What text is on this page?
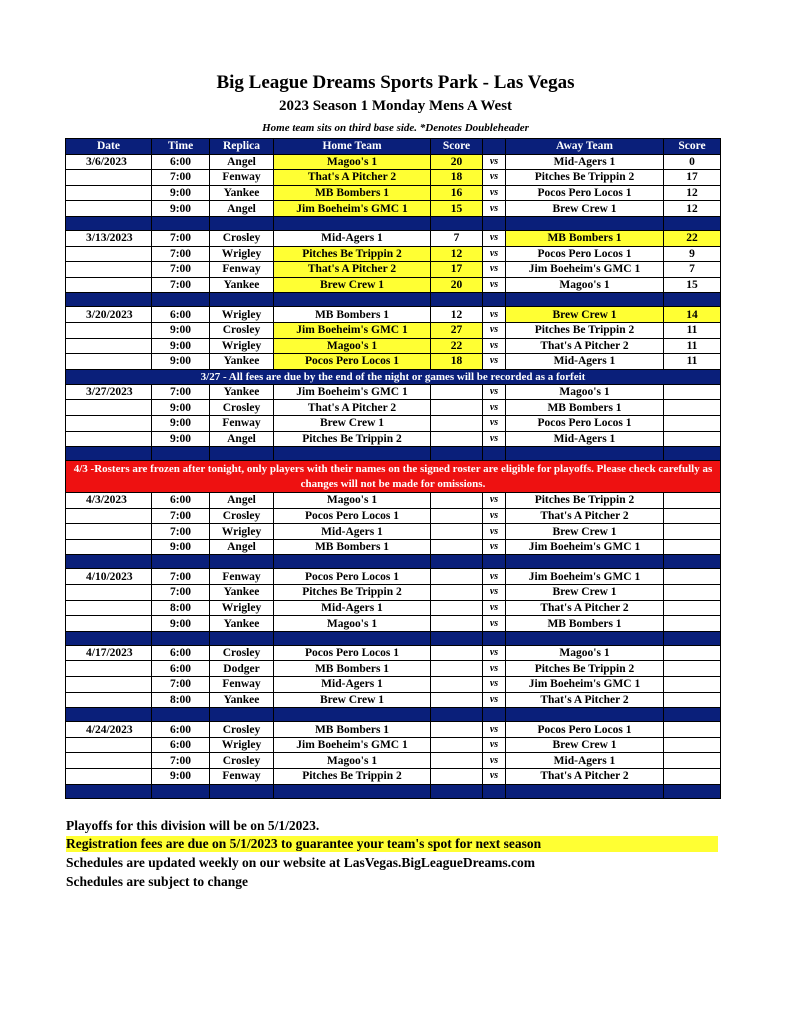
Big League Dreams Sports Park - Las Vegas
2023 Season 1 Monday Mens A West
Home team sits on third base side. *Denotes Doubleheader
Date	Time	Replica	Home Team	Score		Away Team	Score
3/6/2023	6:00	Angel	Magoo's 1	20	vs	Mid-Agers 1	0
	7:00	Fenway	That's A Pitcher 2	18	vs	Pitches Be Trippin 2	17
	9:00	Yankee	MB Bombers 1	16	vs	Pocos Pero Locos 1	12
	9:00	Angel	Jim Boeheim's GMC 1	15	vs	Brew Crew 1	12

3/13/2023	7:00	Crosley	Mid-Agers 1	7	vs	MB Bombers 1	22
	7:00	Wrigley	Pitches Be Trippin 2	12	vs	Pocos Pero Locos 1	9
	7:00	Fenway	That's A Pitcher 2	17	vs	Jim Boeheim's GMC 1	7
	7:00	Yankee	Brew Crew 1	20	vs	Magoo's 1	15

3/20/2023	6:00	Wrigley	MB Bombers 1	12	vs	Brew Crew 1	14
	9:00	Crosley	Jim Boeheim's GMC 1	27	vs	Pitches Be Trippin 2	11
	9:00	Wrigley	Magoo's 1	22	vs	That's A Pitcher 2	11
	9:00	Yankee	Pocos Pero Locos 1	18	vs	Mid-Agers 1	11
3/27 - All fees are due by the end of the night or games will be recorded as a forfeit							
3/27/2023	7:00	Yankee	Jim Boeheim's GMC 1		vs	Magoo's 1	
	9:00	Crosley	That's A Pitcher 2		vs	MB Bombers 1	
	9:00	Fenway	Brew Crew 1		vs	Pocos Pero Locos 1	
	9:00	Angel	Pitches Be Trippin 2		vs	Mid-Agers 1	

4/3 -Rosters are frozen after tonight, only players with their names on the signed roster are eligible for playoffs. Please check carefully as changes will not be made for omissions.							
4/3/2023	6:00	Angel	Magoo's 1		vs	Pitches Be Trippin 2	
	7:00	Crosley	Pocos Pero Locos 1		vs	That's A Pitcher 2	
	7:00	Wrigley	Mid-Agers 1		vs	Brew Crew 1	
	9:00	Angel	MB Bombers 1		vs	Jim Boeheim's GMC 1	

4/10/2023	7:00	Fenway	Pocos Pero Locos 1		vs	Jim Boeheim's GMC 1	
	7:00	Yankee	Pitches Be Trippin 2		vs	Brew Crew 1	
	8:00	Wrigley	Mid-Agers 1		vs	That's A Pitcher 2	
	9:00	Yankee	Magoo's 1		vs	MB Bombers 1	

4/17/2023	6:00	Crosley	Pocos Pero Locos 1		vs	Magoo's 1	
	6:00	Dodger	MB Bombers 1		vs	Pitches Be Trippin 2	
	7:00	Fenway	Mid-Agers 1		vs	Jim Boeheim's GMC 1	
	8:00	Yankee	Brew Crew 1		vs	That's A Pitcher 2	

4/24/2023	6:00	Crosley	MB Bombers 1		vs	Pocos Pero Locos 1	
	6:00	Wrigley	Jim Boeheim's GMC 1		vs	Brew Crew 1	
	7:00	Crosley	Magoo's 1		vs	Mid-Agers 1	
	9:00	Fenway	Pitches Be Trippin 2		vs	That's A Pitcher 2	

Playoffs for this division will be on 5/1/2023.
Registration fees are due on 5/1/2023 to guarantee your team's spot for next season
Schedules are updated weekly on our website at LasVegas.BigLeagueDreams.com
Schedules are subject to change
